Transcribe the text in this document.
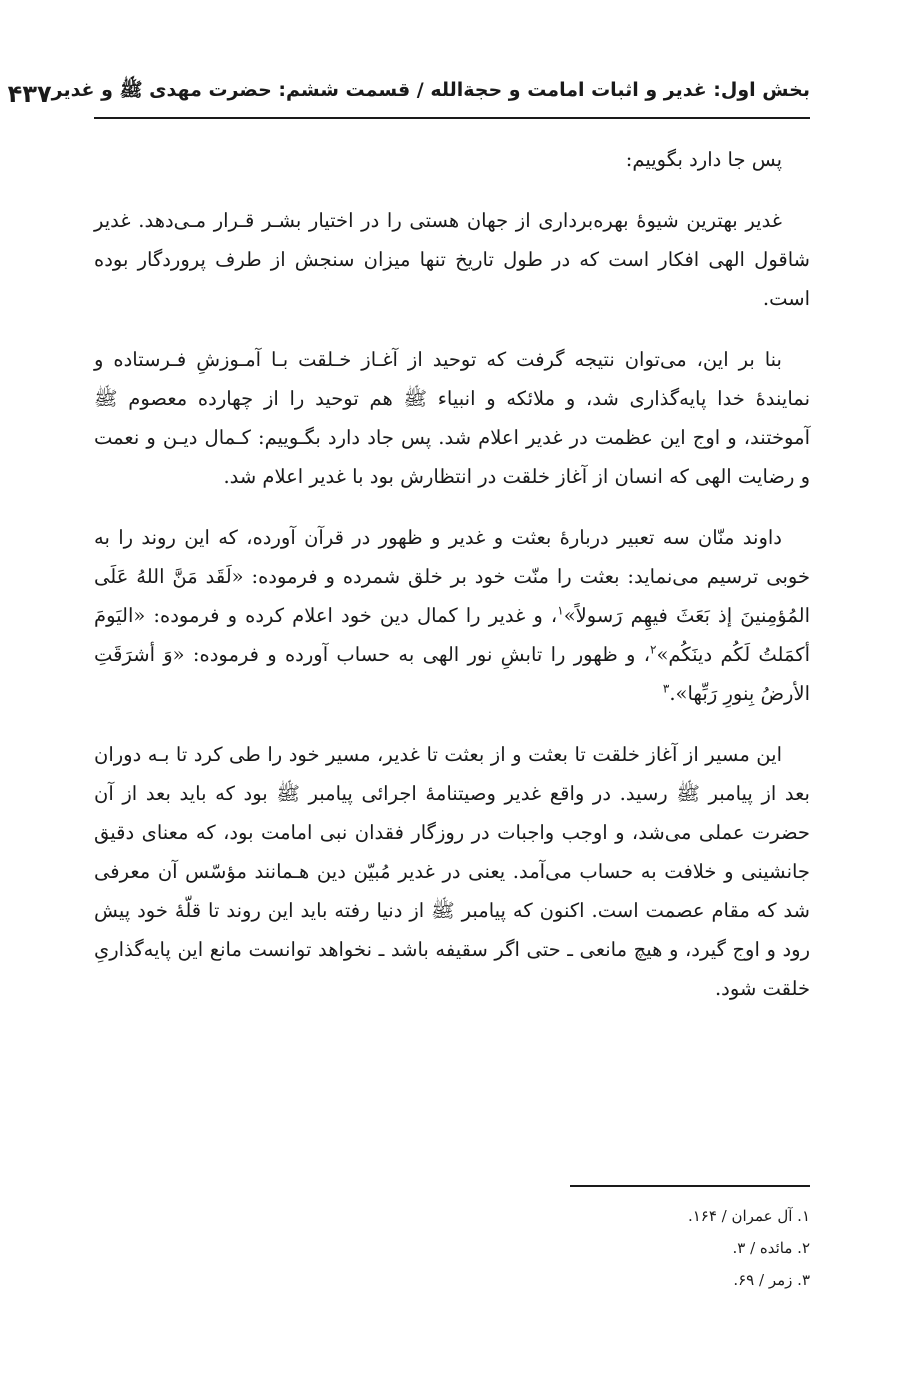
بخش اول: غدیر و اثبات امامت و حجةالله / قسمت ششم: حضرت مهدی ﷺ و غدیر
۴۳۷

پس جا دارد بگوییم:

غدیر بهترین شیوهٔ بهره‌برداری از جهان هستی را در اختیار بشـر قـرار مـی‌دهد. غدیر شاقول الهی افکار است که در طول تاریخ تنها میزان سنجش از طرف پروردگار بوده است.

بنا بر این، می‌توان نتیجه گرفت که توحید از آغـاز خـلقت بـا آمـوزشِ فـرستاده و نمایندهٔ خدا پایه‌گذاری شد، و ملائکه و انبیاء ﷺ هم توحید را از چهارده معصوم ﷺ آموختند، و اوج این عظمت در غدیر اعلام شد. پس جاد دارد بگـوییم: کـمال دیـن و نعمت و رضایت الهی که انسان از آغاز خلقت در انتظارش بود با غدیر اعلام شد.

داوند منّان سه تعبیر دربارهٔ بعثت و غدیر و ظهور در قرآن آورده، که این روند را به خوبی ترسیم می‌نماید: بعثت را منّت خود بر خلق شمرده و فرموده: «لَقَد مَنَّ اللهُ عَلَی المُؤمِنینَ إذ بَعَثَ فیهِم رَسولاً»$^۱$، و غدیر را کمال دین خود اعلام کرده و فرموده: «الیَومَ أکمَلتُ لَکُم دینَکُم»$^۲$، و ظهور را تابشِ نور الهی به حساب آورده و فرموده: «وَ أشرَقَتِ الأرضُ بِنورِ رَبِّها».$^۳$

این مسیر از آغاز خلقت تا بعثت و از بعثت تا غدیر، مسیر خود را طی کرد تا بـه دوران بعد از پیامبر ﷺ رسید. در واقع غدیر وصیتنامهٔ اجرائی پیامبر ﷺ بود که باید بعد از آن حضرت عملی می‌شد، و اوجب واجبات در روزگار فقدان نبی امامت بود، که معنای دقیق جانشینی و خلافت به حساب می‌آمد. یعنی در غدیر مُبیّن دین هـمانند مؤسّس آن معرفی شد که مقام عصمت است. اکنون که پیامبر ﷺ از دنیا رفته باید این روند تا قلّهٔ خود پیش رود و اوج گیرد، و هیچ مانعی ـ حتی اگر سقیفه باشد ـ نخواهد توانست مانع این پایه‌گذاریِ خلقت شود.

۱. آل عمران / ۱۶۴.
۲. مائده / ۳.
۳. زمر / ۶۹.
